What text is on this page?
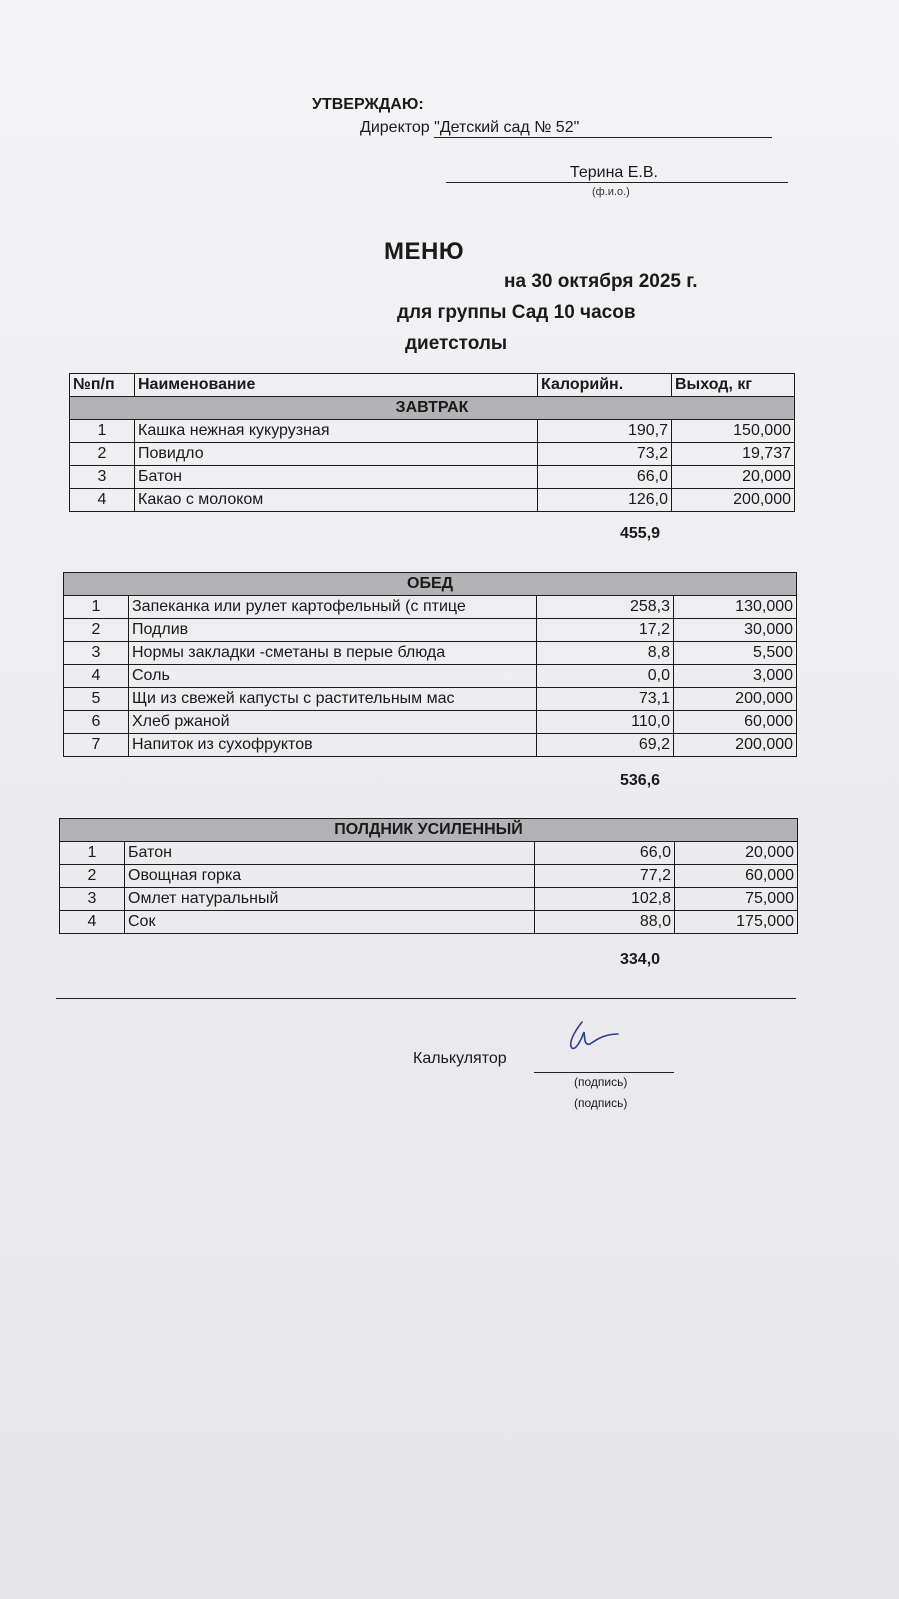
УТВЕРЖДАЮ:
Директор "Детский сад № 52"
Терина Е.В.
(ф.и.о.)
МЕНЮ
на 30 октября 2025 г.
для группы Сад 10 часов
диетстолы
№п/п	Наименование	Калорийн.	Выход, кг
ЗАВТРАК			
1	Кашка нежная кукурузная	190,7	150,000
2	Повидло	73,2	19,737
3	Батон	66,0	20,000
4	Какао с молоком	126,0	200,000
455,9
ОБЕД			
1	Запеканка или рулет картофельный (с птице	258,3	130,000
2	Подлив	17,2	30,000
3	Нормы закладки -сметаны в перые блюда	8,8	5,500
4	Соль	0,0	3,000
5	Щи из свежей капусты с растительным мас	73,1	200,000
6	Хлеб ржаной	110,0	60,000
7	Напиток из сухофруктов	69,2	200,000
536,6
ПОЛДНИК УСИЛЕННЫЙ			
1	Батон	66,0	20,000
2	Овощная горка	77,2	60,000
3	Омлет натуральный	102,8	75,000
4	Сок	88,0	175,000
334,0
Калькулятор
(подпись)
(подпись)
